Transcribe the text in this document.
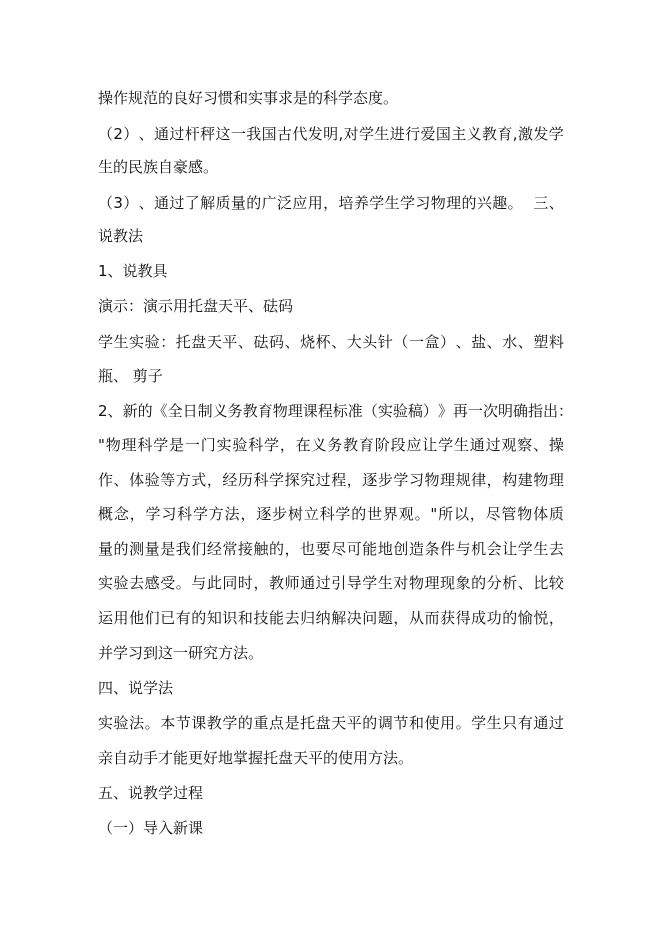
操作规范的良好习惯和实事求是的科学态度。
（ 2 ） 、 通 过 杆 秤 这 一 我 国 古 代 发 明 , 对 学 生 进 行 爱 国 主 义 教 育 , 激 发 学
生的民族自豪感。
（ 3 ） 、 通 过 了 解 质 量 的 广 泛 应 用 ， 培 养 学 生 学 习 物 理 的 兴 趣 。

三 、
说教法
1、说教具
演示：演示用托盘天平、砝码
学 生 实 验 ： 托 盘 天 平 、 砝 码 、 烧 杯 、 大 头 针 （ 一 盒 ） 、 盐 、 水 、 塑 料
瓶、 剪子
2 、 新 的 《 全 日 制 义 务 教 育 物 理 课 程 标 准 （ 实 验 稿 ） 》 再 一 次 明 确 指 出 ：
" 物 理 科 学 是 一 门 实 验 科 学 ， 在 义 务 教 育 阶 段 应 让 学 生 通 过 观 察 、 操
作 、 体 验 等 方 式 ， 经 历 科 学 探 究 过 程 ， 逐 步 学 习 物 理 规 律 ， 构 建 物 理
概 念 ， 学 习 科 学 方 法 ， 逐 步 树 立 科 学 的 世 界 观 。 " 所 以 ， 尽 管 物 体 质
量 的 测 量 是 我 们 经 常 接 触 的 ， 也 要 尽 可 能 地 创 造 条 件 与 机 会 让 学 生 去
实 验 去 感 受 。 与 此 同 时 ， 教 师 通 过 引 导 学 生 对 物 理 现 象 的 分 析 、 比 较
运 用 他 们 已 有 的 知 识 和 技 能 去 归 纳 解 决 问 题 ， 从 而 获 得 成 功 的 愉 悦 ，
并学习到这一研究方法。
四、说学法
实 验 法 。 本 节 课 教 学 的 重 点 是 托 盘 天 平 的 调 节 和 使 用 。 学 生 只 有 通 过
亲自动手才能更好地掌握托盘天平的使用方法。
五、说教学过程
（一）导入新课
